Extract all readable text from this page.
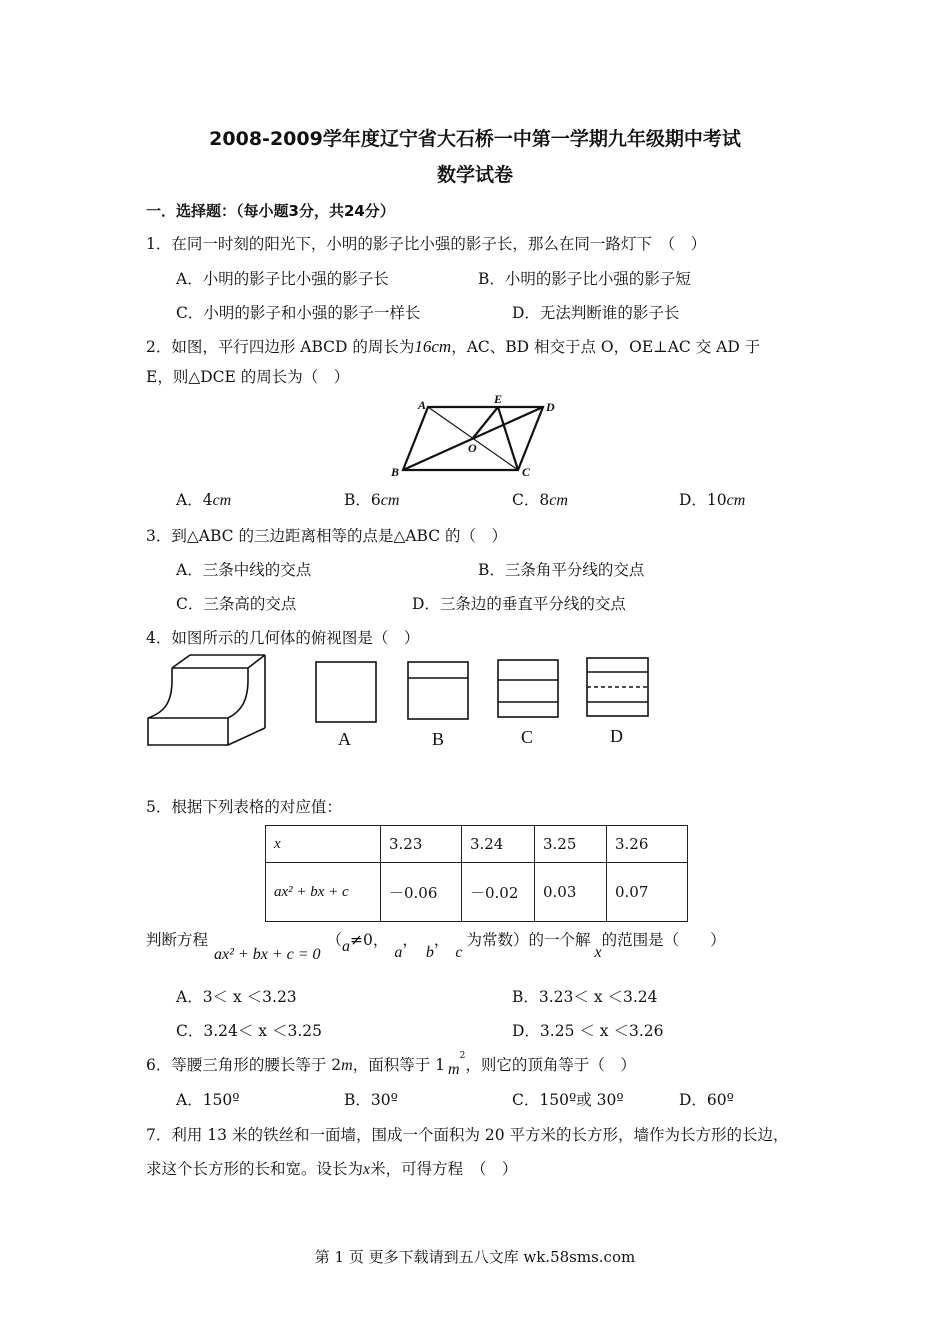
2008-2009学年度辽宁省大石桥一中第一学期九年级期中考试
数学试卷
一．选择题：（每小题3分，共24分）
1．在同一时刻的阳光下，小明的影子比小强的影子长，那么在同一路灯下　（　）
A．小明的影子比小强的影子长	B．小明的影子比小强的影子短
C．小明的影子和小强的影子一样长	D．无法判断谁的影子长
2．如图，平行四边形 ABCD 的周长为16cm，AC、BD 相交于点 O，OE⊥AC 交 AD 于
E，则△DCE 的周长为（　）
A	E
D
O
B	C
A．4cm	B．6cm	C．8cm	D．10cm
3．到△ABC 的三边距离相等的点是△ABC 的（　）
A．三条中线的交点	B．三条角平分线的交点
C．三条高的交点	D．三条边的垂直平分线的交点
4．如图所示的几何体的俯视图是（　）
A	B	C	D
5．根据下列表格的对应值：
x	3.23	3.24	3.25	3.26
ax² + bx + c	－0.06	－0.02	0.03	0.07
判断方程ax² + bx + c = 0（a≠0，a，b，c为常数）的一个解x的范围是（　　）
A．3＜ x ＜3.23	B．3.23＜ x ＜3.24
C．3.24＜ x ＜3.25	D．3.25 ＜ x ＜3.26
6．等腰三角形的腰长等于 2m，面积等于 1 $m^2$，则它的顶角等于（　）
A．150º	B．30º	C．150º或 30º	D．60º
7．利用 13 米的铁丝和一面墙，围成一个面积为 20 平方米的长方形，墙作为长方形的长边，
求这个长方形的长和宽。设长为x米，可得方程　（　）
第 1 页 更多下载请到五八文库 wk.58sms.com
